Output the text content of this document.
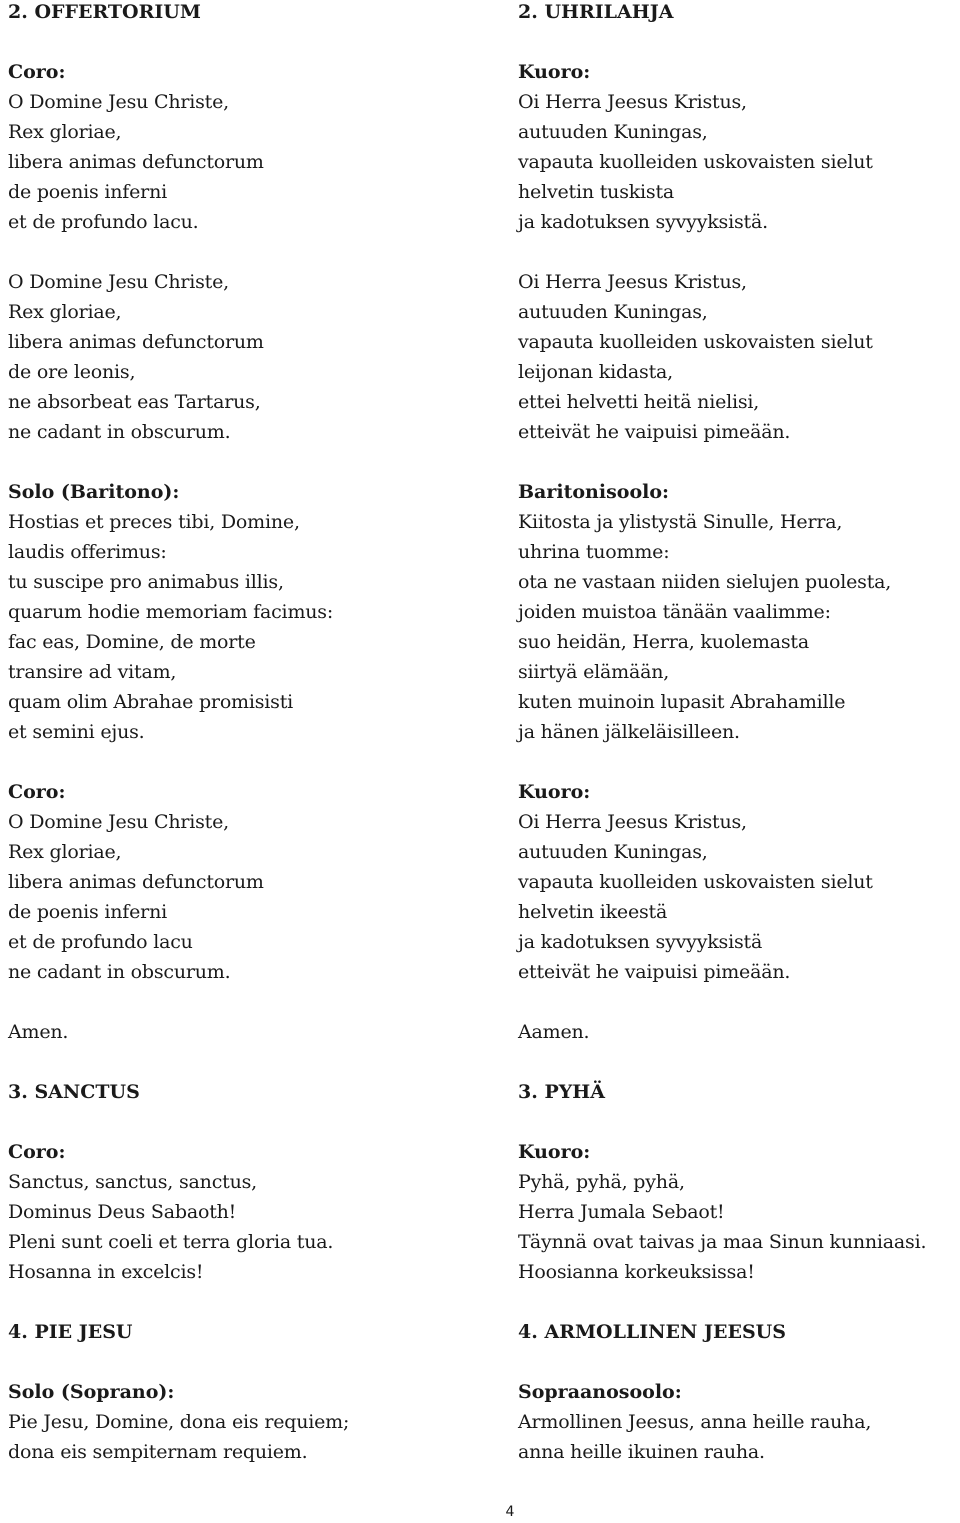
2. OFFERTORIUM
Coro:
O Domine Jesu Christe,
Rex gloriae,
libera animas defunctorum
de poenis inferni
et de profundo lacu.
O Domine Jesu Christe,
Rex gloriae,
libera animas defunctorum
de ore leonis,
ne absorbeat eas Tartarus,
ne cadant in obscurum.
Solo (Baritono):
Hostias et preces tibi, Domine,
laudis offerimus:
tu suscipe pro animabus illis,
quarum hodie memoriam facimus:
fac eas, Domine, de morte
transire ad vitam,
quam olim Abrahae promisisti
et semini ejus.
Coro:
O Domine Jesu Christe,
Rex gloriae,
libera animas defunctorum
de poenis inferni
et de profundo lacu
ne cadant in obscurum.
Amen.
3. SANCTUS
Coro:
Sanctus, sanctus, sanctus,
Dominus Deus Sabaoth!
Pleni sunt coeli et terra gloria tua.
Hosanna in excelcis!
4. PIE JESU
Solo (Soprano):
Pie Jesu, Domine, dona eis requiem;
dona eis sempiternam requiem.
2. UHRILAHJA
Kuoro:
Oi Herra Jeesus Kristus,
autuuden Kuningas,
vapauta kuolleiden uskovaisten sielut
helvetin tuskista
ja kadotuksen syvyyksistä.
Oi Herra Jeesus Kristus,
autuuden Kuningas,
vapauta kuolleiden uskovaisten sielut
leijonan kidasta,
ettei helvetti heitä nielisi,
etteivät he vaipuisi pimeään.
Baritonisoolo:
Kiitosta ja ylistystä Sinulle, Herra,
uhrina tuomme:
ota ne vastaan niiden sielujen puolesta,
joiden muistoa tänään vaalimme:
suo heidän, Herra, kuolemasta
siirtyä elämään,
kuten muinoin lupasit Abrahamille
ja hänen jälkeläisilleen.
Kuoro:
Oi Herra Jeesus Kristus,
autuuden Kuningas,
vapauta kuolleiden uskovaisten sielut
helvetin ikeestä
ja kadotuksen syvyyksistä
etteivät he vaipuisi pimeään.
Aamen.
3. PYHÄ
Kuoro:
Pyhä, pyhä, pyhä,
Herra Jumala Sebaot!
Täynnä ovat taivas ja maa Sinun kunniaasi.
Hoosianna korkeuksissa!
4. ARMOLLINEN JEESUS
Sopraanosoolo:
Armollinen Jeesus, anna heille rauha,
anna heille ikuinen rauha.
4
